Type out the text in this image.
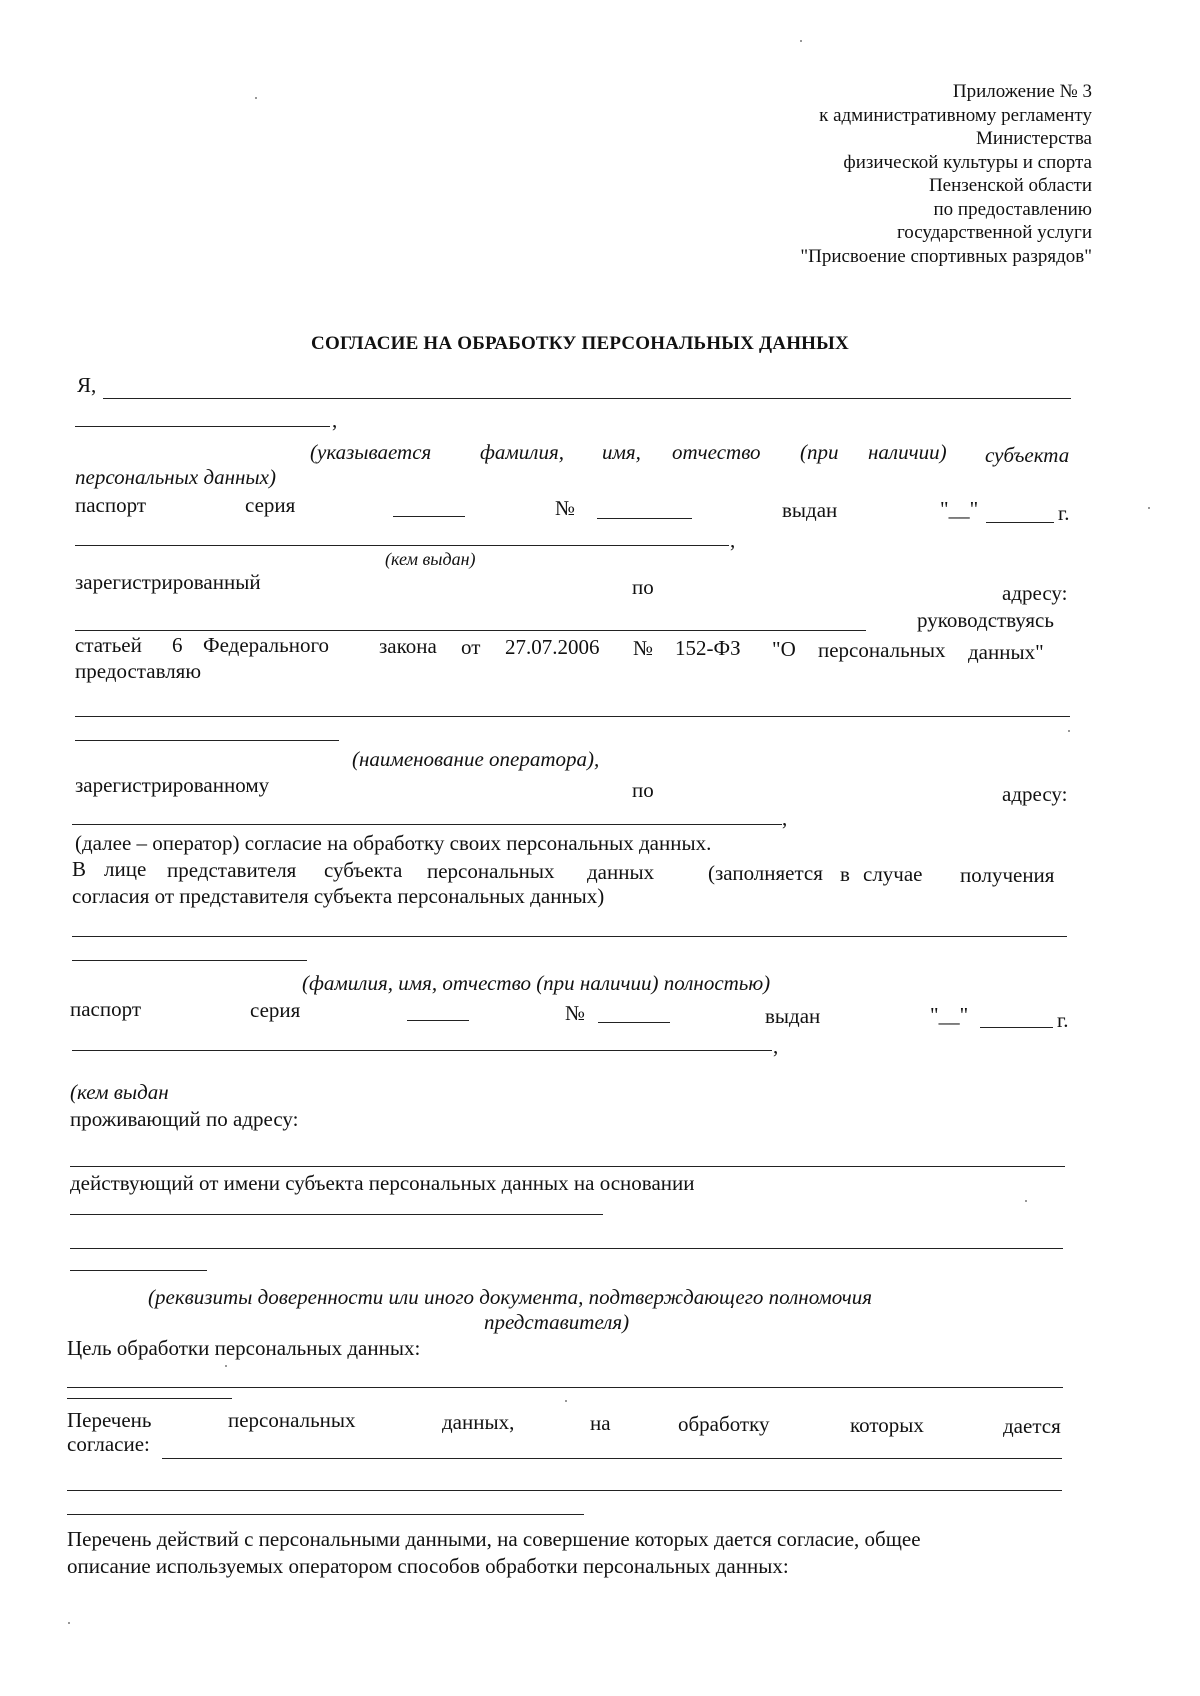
Приложение № 3
к административному регламенту
Министерства
физической культуры и спорта
Пензенской области
по предоставлению
государственной услуги
"Присвоение спортивных разрядов"
СОГЛАСИЕ НА ОБРАБОТКУ ПЕРСОНАЛЬНЫХ ДАННЫХ
Я,
,
(указывается фамилия, имя, отчество (при наличии) субъекта
персональных данных)
паспорт	серия	№	выдан	"__"	г.
,
(кем выдан)
зарегистрированный	по	адресу:
руководствуясь
статьей 6 Федерального закона от 27.07.2006 № 152-ФЗ "О персональных данных"
предоставляю
(наименование оператора),
зарегистрированному	по	адресу:
,
(далее – оператор) согласие на обработку своих персональных данных.
В лице представителя субъекта персональных данных	(заполняется в случае получения
согласия от представителя субъекта персональных данных)
(фамилия, имя, отчество (при наличии) полностью)
паспорт	серия	№	выдан	"__"	г.
,
(кем выдан
проживающий по адресу:
действующий от имени субъекта персональных данных на основании
(реквизиты доверенности или иного документа, подтверждающего полномочия
представителя)
Цель обработки персональных данных:
Перечень	персональных	данных,	на	обработку	которых	дается
согласие:
Перечень действий с персональными данными, на совершение которых дается согласие, общее
описание используемых оператором способов обработки персональных данных:
